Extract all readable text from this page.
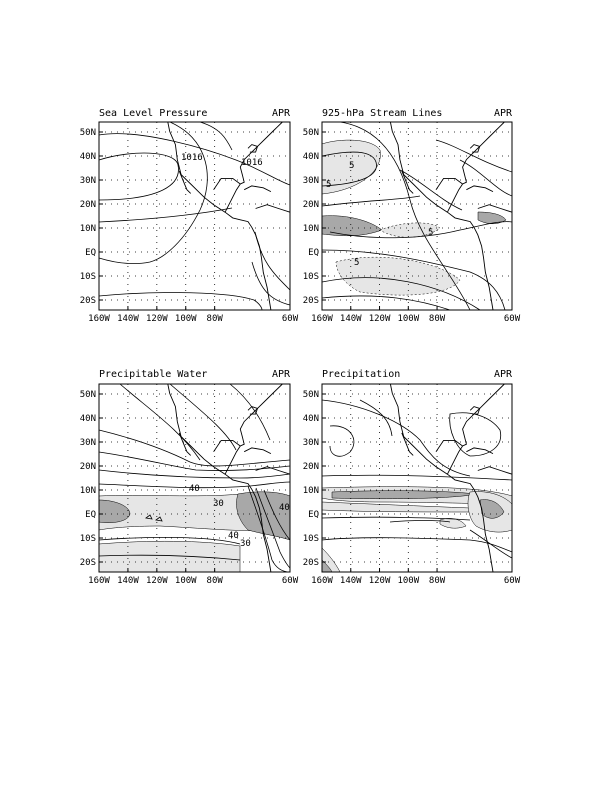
Sea Level Pressure	APR
1016	1016
160W 140W 120W 100W 80W	60W
50N
40N
30N
20N
10N
EQ
10S
20S
925-hPa Stream Lines	APR
5
5
5
5
160W 140W 120W 100W 80W	60W
50N
40N
30N
20N
10N
EQ
10S
20S
Precipitable Water	APR
40
30	40
40
30
160W 140W 120W 100W 80W	60W
50N
40N
30N
20N
10N
EQ
10S
20S
Precipitation	APR
160W 140W 120W 100W 80W	60W
50N
40N
30N
20N
10N
EQ
10S
20S
